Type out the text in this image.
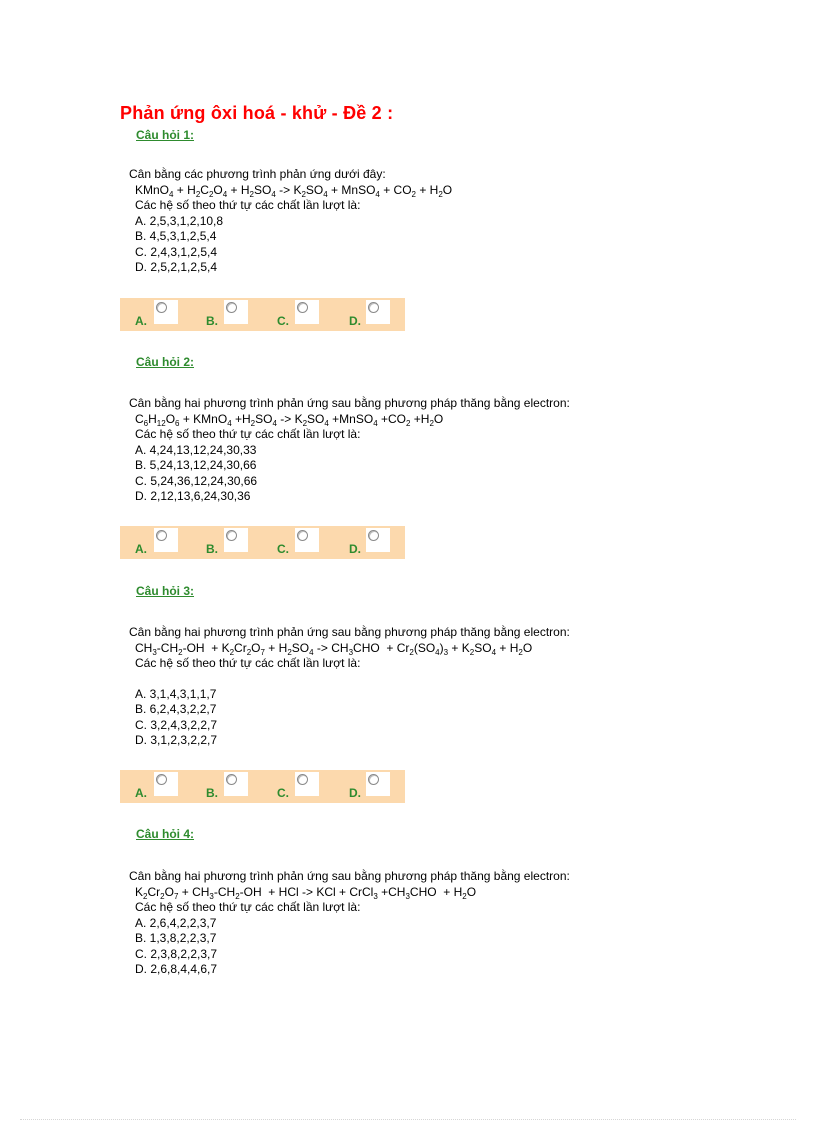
Phản ứng ôxi hoá - khử - Đề 2 :
Câu hỏi 1:
Cân bằng các phương trình phản ứng dưới đây:
KMnO$_4$ + $H_2C_2O_4 + H_2SO_4 -> K_2SO_4$ + MnSO$_4$ + $CO_2 + H_2O$
Các hệ số theo thứ tự các chất lần lượt là:
A. 2,5,3,1,2,10,8
B. 4,5,3,1,2,5,4
C. 2,4,3,1,2,5,4
D. 2,5,2,1,2,5,4
A.	B.	C.	D.
Câu hỏi 2:
Cân bằng hai phương trình phản ứng sau bằng phương pháp thăng bằng electron:
$C_6H_{12}O_6$ + KMnO$_4$ $+H_2SO_4 -> K_2SO_4$ +MnSO$_4$ $+CO_2 +H_2O$
Các hệ số theo thứ tự các chất lần lượt là:
A. 4,24,13,12,24,30,33
B. 5,24,13,12,24,30,66
C. 5,24,36,12,24,30,66
D. 2,12,13,6,24,30,36
A.	B.	C.	D.
Câu hỏi 3:
Cân bằng hai phương trình phản ứng sau bằng phương pháp thăng bằng electron:
$CH_3-CH_2-OH + K_2Cr_2O_7 + H_2SO_4 -> CH_3CHO + Cr_2(SO_4)_3 + K_2SO_4 + H_2O$
Các hệ số theo thứ tự các chất lần lượt là:
A. 3,1,4,3,1,1,7
B. 6,2,4,3,2,2,7
C. 3,2,4,3,2,2,7
D. 3,1,2,3,2,2,7
A.	B.	C.	D.
Câu hỏi 4:
Cân bằng hai phương trình phản ứng sau bằng phương pháp thăng bằng electron:
$K_2Cr_2O_7 + CH_3-CH_2-OH$  + HCl -> KCl + CrCl$_3$ $+CH_3CHO + H_2O$
Các hệ số theo thứ tự các chất lần lượt là:
A. 2,6,4,2,2,3,7
B. 1,3,8,2,2,3,7
C. 2,3,8,2,2,3,7
D. 2,6,8,4,4,6,7
